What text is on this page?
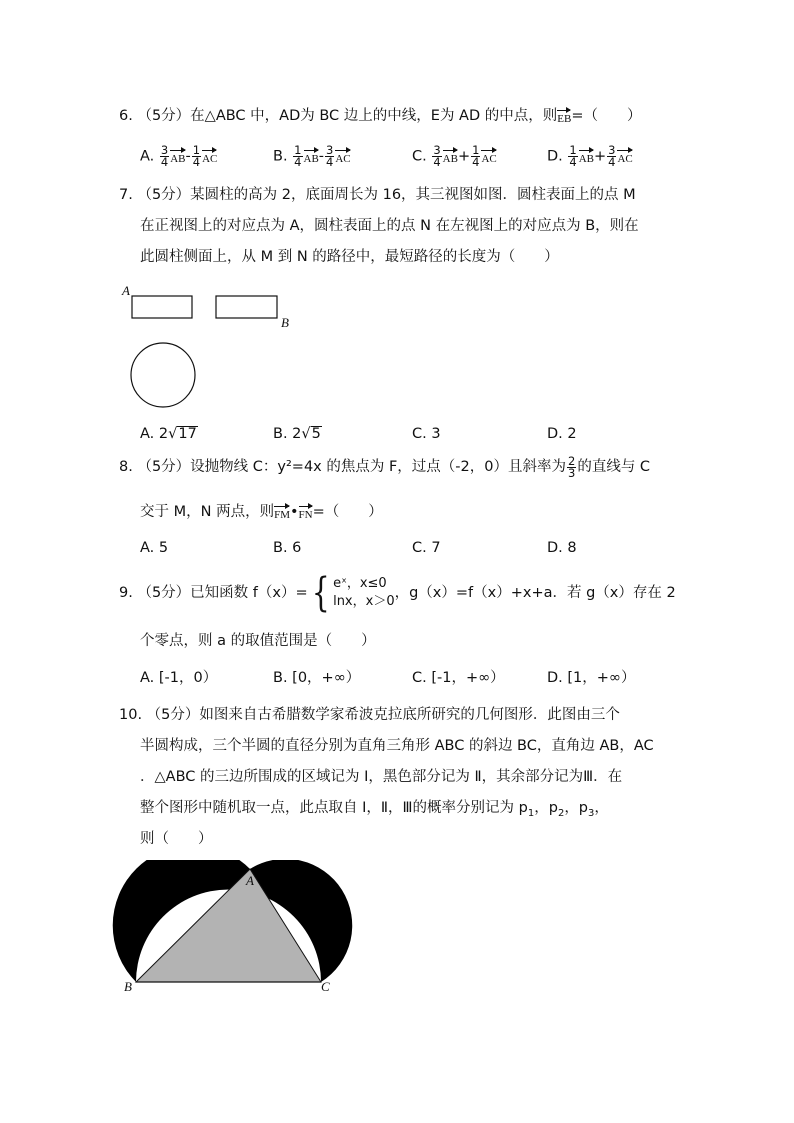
6. （5分）在△ABC 中，AD为 BC 边上的中线，E为 AD 的中点，则EB=（　　）
A. $\frac{3}{4} AB- \frac{1}{4}$ AC	B. $\frac{1}{4} AB- \frac{3}{4}$ AC	C. $\frac{3}{4} AB+ \frac{1}{4}$ AC	D. $\frac{1}{4} AB+ \frac{3}{4}$ AC
7. （5分）某圆柱的高为 2，底面周长为 16，其三视图如图．圆柱表面上的点 M
在正视图上的对应点为 A，圆柱表面上的点 N 在左视图上的对应点为 B，则在
此圆柱侧面上，从 M 到 N 的路径中，最短路径的长度为（　　）
A
B
A. 2√17	B. 2√5	C. 3	D. 2
8. （5分）设抛物线 C：y²=4x 的焦点为 F，过点（-2，0）且斜率为 $\frac{2}{3}$ 的直线与 C
交于 M，N 两点，则FM•FN=（　　）
A. 5	B. 6	C. 7	D. 8
9. （5分）已知函数 f（x）={ eˣ，x≤0
lnx，x＞0
，g（x）=f（x）+x+a．若 g（x）存在 2
个零点，则 a 的取值范围是（　　）
A. [-1，0）	B. [0，+∞）	C. [-1，+∞）	D. [1，+∞）
10. （5分）如图来自古希腊数学家希波克拉底所研究的几何图形．此图由三个
半圆构成，三个半圆的直径分别为直角三角形 ABC 的斜边 BC，直角边 AB，AC
．△ABC 的三边所围成的区域记为 I，黑色部分记为 Ⅱ，其余部分记为Ⅲ．在
整个图形中随机取一点，此点取自 Ⅰ，Ⅱ，Ⅲ的概率分别记为 $p_1$，$p_2$，$p_3$，
则（　　）
A
B	C
